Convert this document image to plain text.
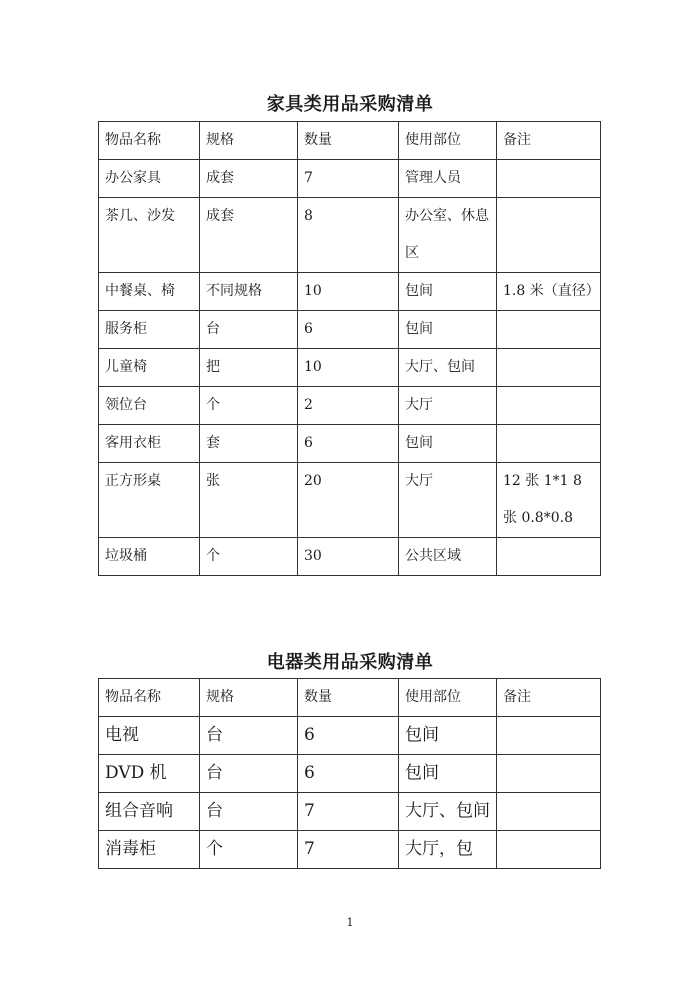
家具类用品采购清单
物品名称	规格	数量	使用部位	备注
办公家具	成套	7	管理人员	
茶几、沙发	成套	8	办公室、休息区	
中餐桌、椅	不同规格	10	包间	1.8 米（直径）
服务柜	台	6	包间	
儿童椅	把	10	大厅、包间	
领位台	个	2	大厅	
客用衣柜	套	6	包间	
正方形桌	张	20	大厅	12 张 1*1 8 张 0.8*0.8
垃圾桶	个	30	公共区域	
电器类用品采购清单
物品名称	规格	数量	使用部位	备注
电视	台	6	包间	
DVD 机	台	6	包间	
组合音响	台	7	大厅、包间	
消毒柜	个	7	大厅，包	
1
